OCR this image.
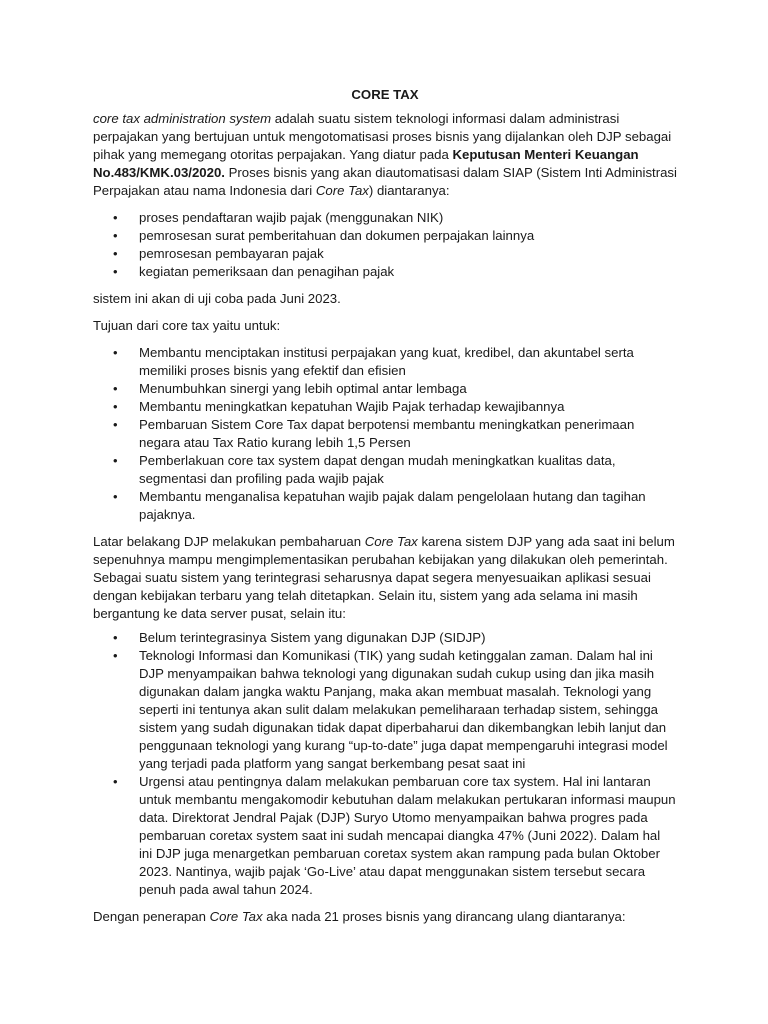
CORE TAX

core tax administration system adalah suatu sistem teknologi informasi dalam administrasi perpajakan yang bertujuan untuk mengotomatisasi proses bisnis yang dijalankan oleh DJP sebagai pihak yang memegang otoritas perpajakan. Yang diatur pada Keputusan Menteri Keuangan No.483/KMK.03/2020. Proses bisnis yang akan diautomatisasi dalam SIAP (Sistem Inti Administrasi Perpajakan atau nama Indonesia dari Core Tax) diantaranya:

• proses pendaftaran wajib pajak (menggunakan NIK)
• pemrosesan surat pemberitahuan dan dokumen perpajakan lainnya
• pemrosesan pembayaran pajak
• kegiatan pemeriksaan dan penagihan pajak

sistem ini akan di uji coba pada Juni 2023.

Tujuan dari core tax yaitu untuk:

• Membantu menciptakan institusi perpajakan yang kuat, kredibel, dan akuntabel serta memiliki proses bisnis yang efektif dan efisien
• Menumbuhkan sinergi yang lebih optimal antar lembaga
• Membantu meningkatkan kepatuhan Wajib Pajak terhadap kewajibannya
• Pembaruan Sistem Core Tax dapat berpotensi membantu meningkatkan penerimaan negara atau Tax Ratio kurang lebih 1,5 Persen
• Pemberlakuan core tax system dapat dengan mudah meningkatkan kualitas data, segmentasi dan profiling pada wajib pajak
• Membantu menganalisa kepatuhan wajib pajak dalam pengelolaan hutang dan tagihan pajaknya.

Latar belakang DJP melakukan pembaharuan Core Tax karena sistem DJP yang ada saat ini belum sepenuhnya mampu mengimplementasikan perubahan kebijakan yang dilakukan oleh pemerintah. Sebagai suatu sistem yang terintegrasi seharusnya dapat segera menyesuaikan aplikasi sesuai dengan kebijakan terbaru yang telah ditetapkan. Selain itu, sistem yang ada selama ini masih bergantung ke data server pusat, selain itu:

• Belum terintegrasinya Sistem yang digunakan DJP (SIDJP)
• Teknologi Informasi dan Komunikasi (TIK) yang sudah ketinggalan zaman. Dalam hal ini DJP menyampaikan bahwa teknologi yang digunakan sudah cukup using dan jika masih digunakan dalam jangka waktu Panjang, maka akan membuat masalah. Teknologi yang seperti ini tentunya akan sulit dalam melakukan pemeliharaan terhadap sistem, sehingga sistem yang sudah digunakan tidak dapat diperbaharui dan dikembangkan lebih lanjut dan penggunaan teknologi yang kurang “up-to-date” juga dapat mempengaruhi integrasi model yang terjadi pada platform yang sangat berkembang pesat saat ini
• Urgensi atau pentingnya dalam melakukan pembaruan core tax system. Hal ini lantaran untuk membantu mengakomodir kebutuhan dalam melakukan pertukaran informasi maupun data. Direktorat Jendral Pajak (DJP) Suryo Utomo menyampaikan bahwa progres pada pembaruan coretax system saat ini sudah mencapai diangka 47% (Juni 2022). Dalam hal ini DJP juga menargetkan pembaruan coretax system akan rampung pada bulan Oktober 2023. Nantinya, wajib pajak ‘Go-Live’ atau dapat menggunakan sistem tersebut secara penuh pada awal tahun 2024.

Dengan penerapan Core Tax aka nada 21 proses bisnis yang dirancang ulang diantaranya:
